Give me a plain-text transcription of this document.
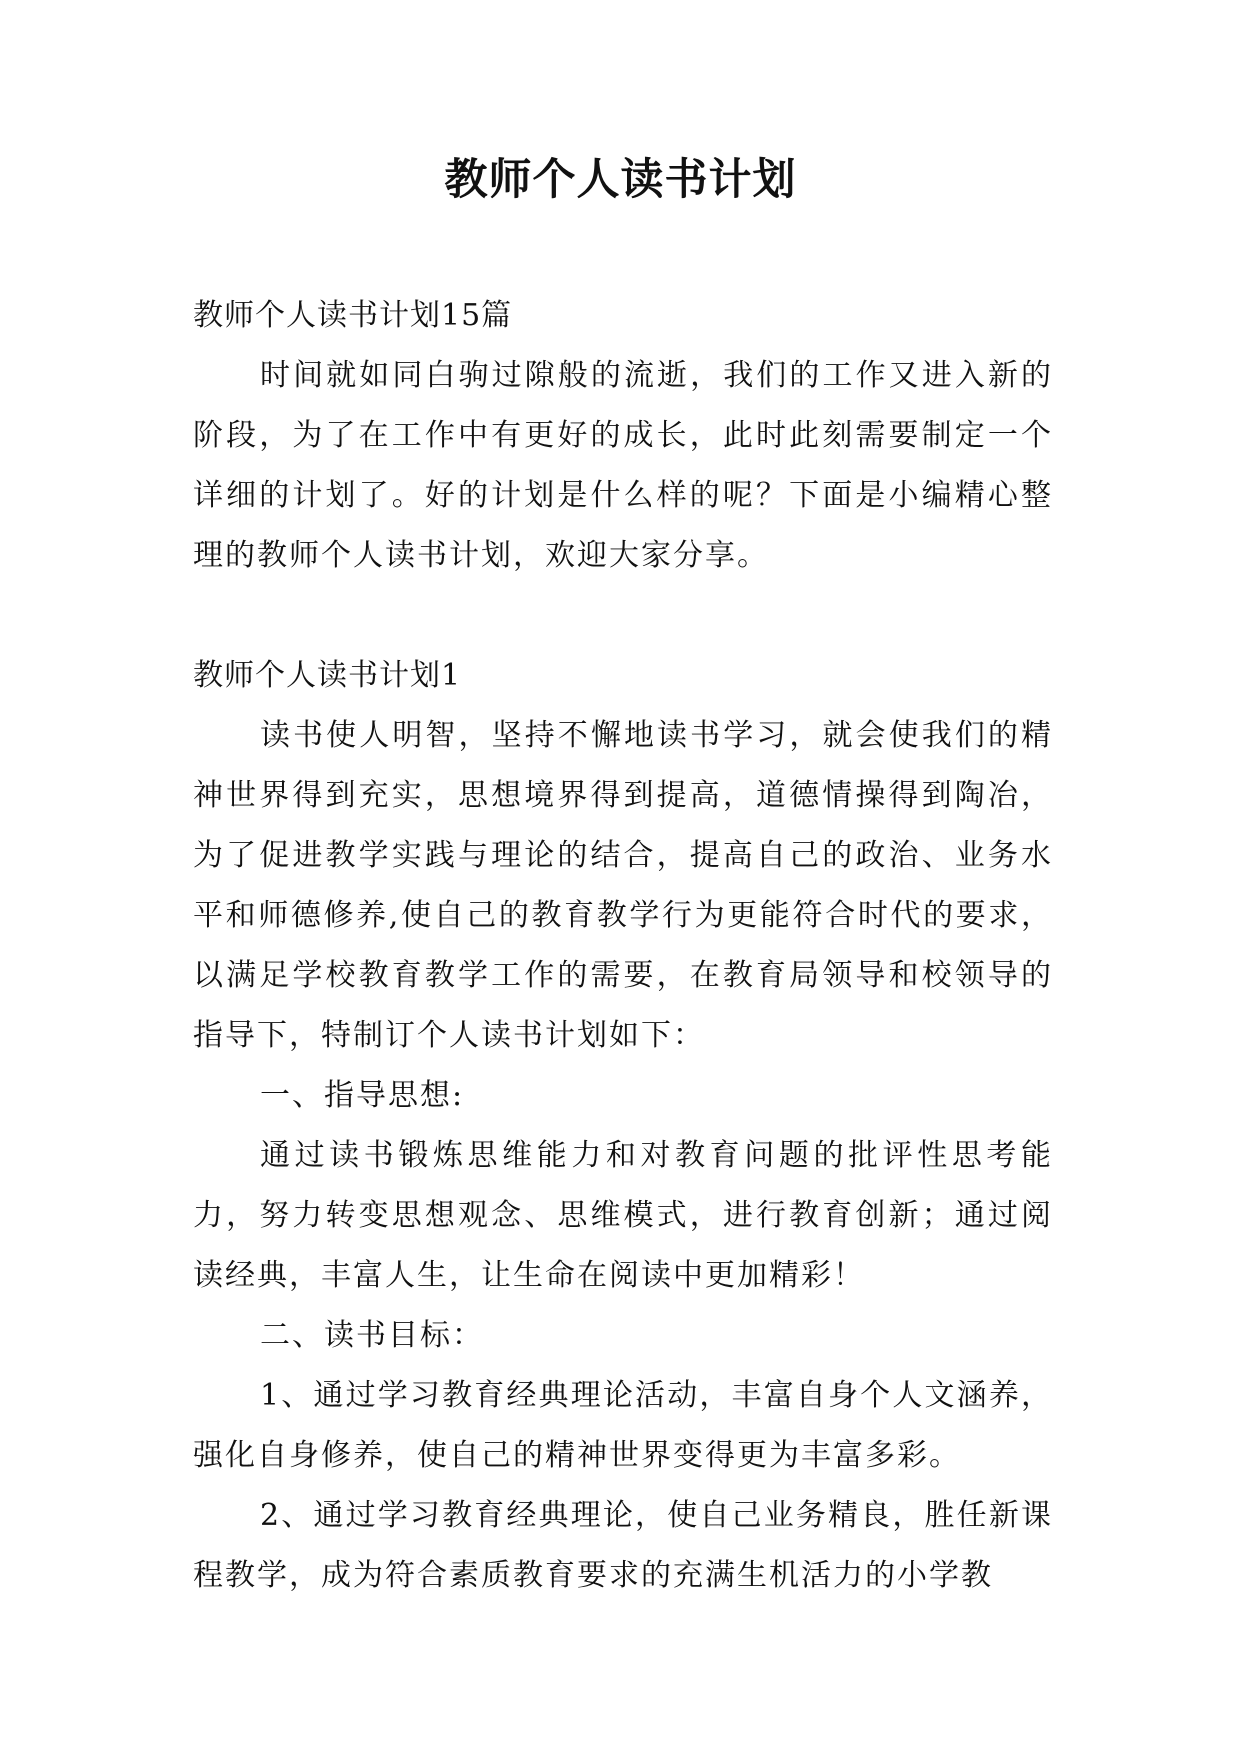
教师个人读书计划

教师个人读书计划15篇

时间就如同白驹过隙般的流逝，我们的工作又进入新的阶段，为了在工作中有更好的成长，此时此刻需要制定一个详细的计划了。好的计划是什么样的呢？下面是小编精心整理的教师个人读书计划，欢迎大家分享。

教师个人读书计划1

读书使人明智，坚持不懈地读书学习，就会使我们的精神世界得到充实，思想境界得到提高，道德情操得到陶冶，为了促进教学实践与理论的结合，提高自己的政治、业务水平和师德修养,使自己的教育教学行为更能符合时代的要求，以满足学校教育教学工作的需要，在教育局领导和校领导的指导下，特制订个人读书计划如下：

一、指导思想:

通过读书锻炼思维能力和对教育问题的批评性思考能力，努力转变思想观念、思维模式，进行教育创新；通过阅读经典，丰富人生，让生命在阅读中更加精彩！

二、读书目标：

1、通过学习教育经典理论活动，丰富自身个人文涵养，强化自身修养，使自己的精神世界变得更为丰富多彩。

2、通过学习教育经典理论，使自己业务精良，胜任新课程教学，成为符合素质教育要求的充满生机活力的小学教
